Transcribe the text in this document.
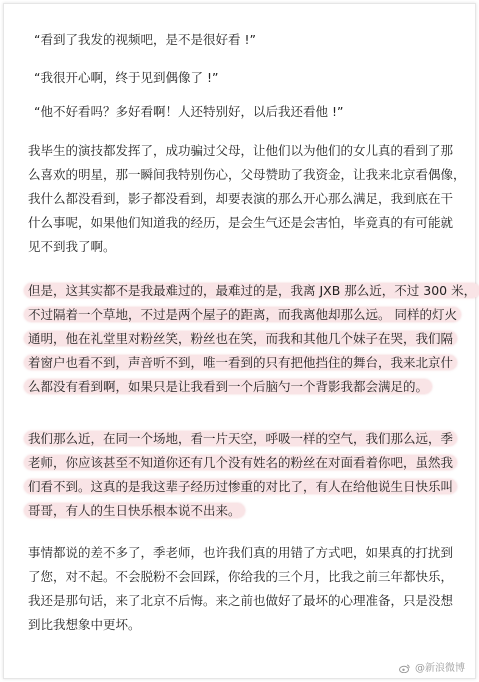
“看到了我发的视频吧，是不是很好看 !”
“我很开心啊，终于见到偶像了 !”
“他不好看吗？多好看啊！人还特别好，以后我还看他 !”
我毕生的演技都发挥了，成功骗过父母，让他们以为他们的女儿真的看到了那
么喜欢的明星，那一瞬间我特别伤心，父母赞助了我资金，让我来北京看偶像，
我什么都没看到，影子都没看到，却要表演的那么开心那么满足，我到底在干
什么事呢，如果他们知道我的经历，是会生气还是会害怕，毕竟真的有可能就
见不到我了啊。
但是，这其实都不是我最难过的，最难过的是，我离 JXB 那么近，不过 300 米，
不过隔着一个草地，不过是两个屋子的距离，而我离他却那么远。 同样的灯火
通明，他在礼堂里对粉丝笑，粉丝也在笑，而我和其他几个妹子在哭，我们隔
着窗户也看不到，声音听不到，唯一看到的只有把他挡住的舞台，我来北京什
么都没有看到啊，如果只是让我看到一个后脑勺一个背影我都会满足的。
我们那么近，在同一个场地，看一片天空，呼吸一样的空气，我们那么远，季
老师，你应该甚至不知道你还有几个没有姓名的粉丝在对面看着你吧，虽然我
们看不到。这真的是我这辈子经历过惨重的对比了，有人在给他说生日快乐叫
哥哥，有人的生日快乐根本说不出来。
事情都说的差不多了，季老师，也许我们真的用错了方式吧，如果真的打扰到
了您，对不起。不会脱粉不会回踩，你给我的三个月，比我之前三年都快乐，
我还是那句话，来了北京不后悔。来之前也做好了最坏的心理准备，只是没想
到比我想象中更坏。
@新浪微博
